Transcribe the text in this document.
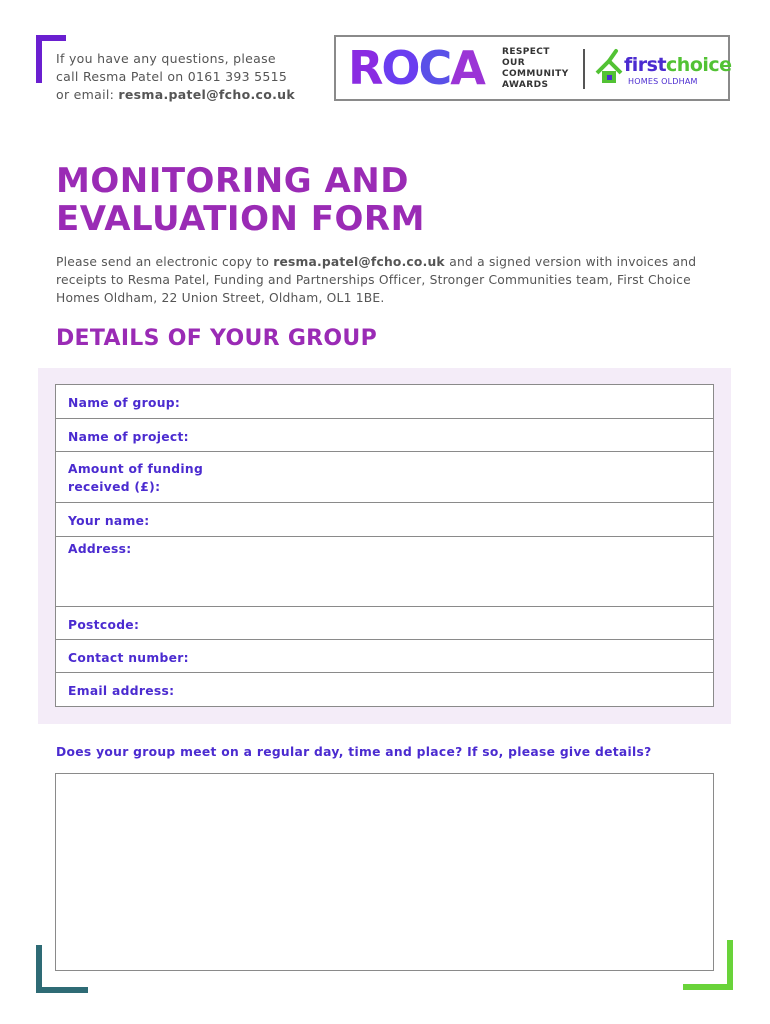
If you have any questions, please
call Resma Patel on 0161 393 5515
or email: resma.patel@fcho.co.uk	ROCA RESPECT
OUR
COMMUNITY
AWARDS
firstchoice
HOMES OLDHAM
MONITORING AND
EVALUATION FORM
Please send an electronic copy to resma.patel@fcho.co.uk and a signed version with invoices and receipts to Resma Patel, Funding and Partnerships Officer, Stronger Communities team, First Choice Homes Oldham, 22 Union Street, Oldham, OL1 1BE.
DETAILS OF YOUR GROUP
Name of group:
Name of project:
Amount of funding
received (£):
Your name:
Address:
Postcode:
Contact number:
Email address:
Does your group meet on a regular day, time and place? If so, please give details?
